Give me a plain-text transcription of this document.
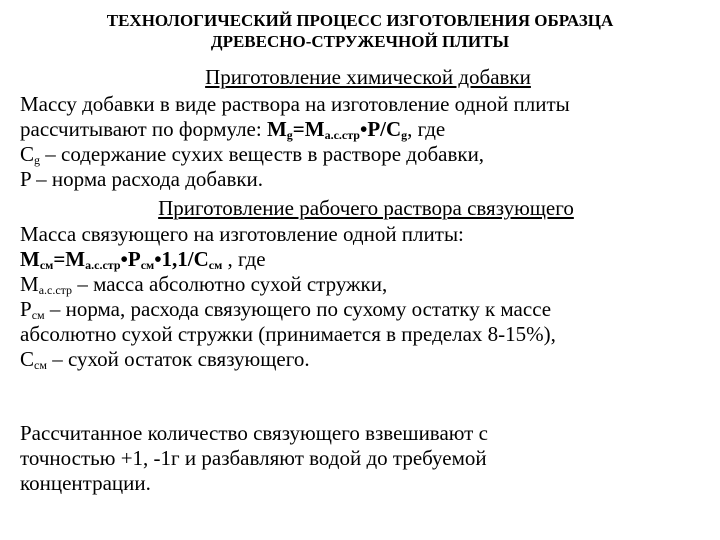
ТЕХНОЛОГИЧЕСКИЙ ПРОЦЕСС ИЗГОТОВЛЕНИЯ ОБРАЗЦА
ДРЕВЕСНО-СТРУЖЕЧНОЙ ПЛИТЫ
Приготовление химической добавки
Массу добавки в виде раствора на изготовление одной плиты
рассчитывают по формуле: $M_g=M_{a.c.стр}•P/C_g$, где
$C_g$ – содержание сухих веществ в растворе добавки,
P – норма расхода добавки.
Приготовление рабочего раствора связующего
Масса связующего на изготовление одной плиты:
$M_{см}=M_{a.c.стр}•P_{см}•1,1/C_{см}$ , где
$M_{a.c.стр}$ – масса абсолютно сухой стружки,
$P_{см}$ – норма, расхода связующего по сухому остатку к массе
абсолютно сухой стружки (принимается в пределах 8-15%),
$C_{см}$ – сухой остаток связующего.
Рассчитанное количество связующего взвешивают с
точностью +1, -1г и разбавляют водой до требуемой
концентрации.
